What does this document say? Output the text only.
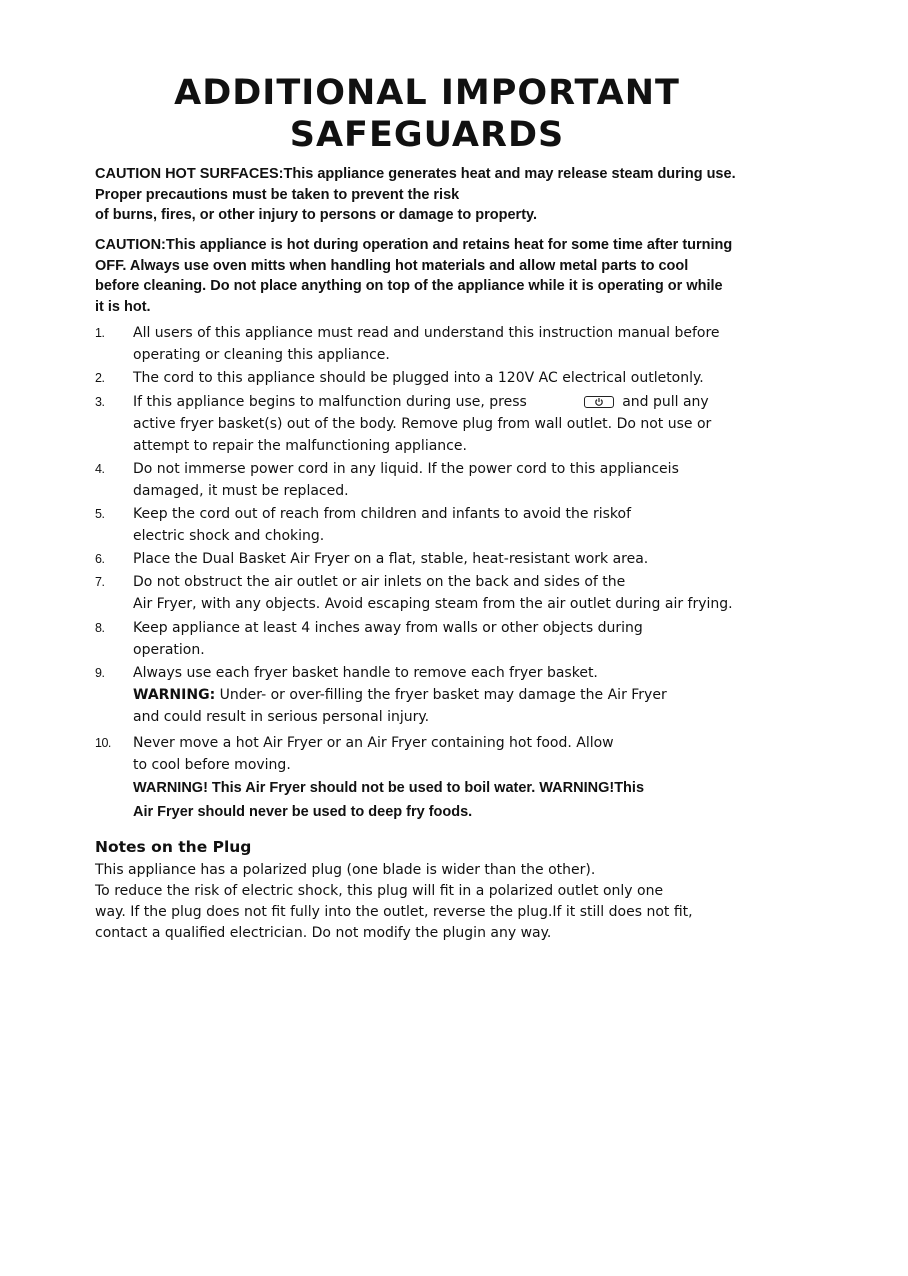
ADDITIONAL IMPORTANT
SAFEGUARDS
CAUTION HOT SURFACES:This appliance generates heat and may release steam during use.
Proper precautions must be taken to prevent the risk
of burns, fires, or other injury to persons or damage to property.
CAUTION:This appliance is hot during operation and retains heat for some time after turning
OFF. Always use oven mitts when handling hot materials and allow metal parts to cool
before cleaning. Do not place anything on top of the appliance while it is operating or while
it is hot.
1. All users of this appliance must read and understand this instruction manual before
operating or cleaning this appliance.
2. The cord to this appliance should be plugged into a 120V AC electrical outletonly.
3. If this appliance begins to malfunction during use, press	and pull any
active fryer basket(s) out of the body. Remove plug from wall outlet. Do not use or
attempt to repair the malfunctioning appliance.
4. Do not immerse power cord in any liquid. If the power cord to this applianceis
damaged, it must be replaced.
5. Keep the cord out of reach from children and infants to avoid the riskof
electric shock and choking.
6. Place the Dual Basket Air Fryer on a flat, stable, heat-resistant work area.
7. Do not obstruct the air outlet or air inlets on the back and sides of the
Air Fryer, with any objects. Avoid escaping steam from the air outlet during air frying.
8. Keep appliance at least 4 inches away from walls or other objects during
operation.
9. Always use each fryer basket handle to remove each fryer basket.
WARNING: Under- or over-filling the fryer basket may damage the Air Fryer
and could result in serious personal injury.
10. Never move a hot Air Fryer or an Air Fryer containing hot food. Allow
to cool before moving.
WARNING! This Air Fryer should not be used to boil water. WARNING!This
Air Fryer should never be used to deep fry foods.
Notes on the Plug
This appliance has a polarized plug (one blade is wider than the other).
To reduce the risk of electric shock, this plug will fit in a polarized outlet only one
way. If the plug does not fit fully into the outlet, reverse the plug.If it still does not fit,
contact a qualified electrician. Do not modify the plugin any way.
